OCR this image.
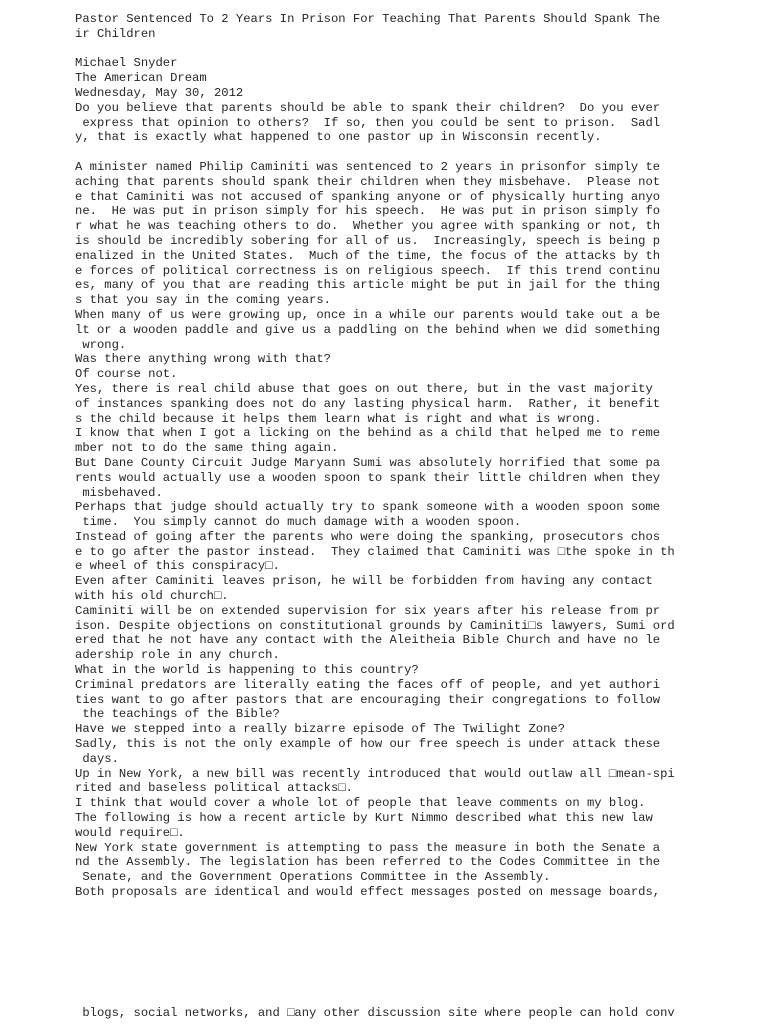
Pastor Sentenced To 2 Years In Prison For Teaching That Parents Should Spank The
ir Children

Michael Snyder
The American Dream
Wednesday, May 30, 2012
Do you believe that parents should be able to spank their children?  Do you ever
express that opinion to others?  If so, then you could be sent to prison.  Sadl
y, that is exactly what happened to one pastor up in Wisconsin recently.

A minister named Philip Caminiti was sentenced to 2 years in prisonfor simply te
aching that parents should spank their children when they misbehave.  Please not
e that Caminiti was not accused of spanking anyone or of physically hurting anyo
ne.  He was put in prison simply for his speech.  He was put in prison simply fo
r what he was teaching others to do.  Whether you agree with spanking or not, th
is should be incredibly sobering for all of us.  Increasingly, speech is being p
enalized in the United States.  Much of the time, the focus of the attacks by th
e forces of political correctness is on religious speech.  If this trend continu
es, many of you that are reading this article might be put in jail for the thing
s that you say in the coming years.
When many of us were growing up, once in a while our parents would take out a be
lt or a wooden paddle and give us a paddling on the behind when we did something
wrong.
Was there anything wrong with that?
Of course not.
Yes, there is real child abuse that goes on out there, but in the vast majority
of instances spanking does not do any lasting physical harm.  Rather, it benefit
s the child because it helps them learn what is right and what is wrong.
I know that when I got a licking on the behind as a child that helped me to reme
mber not to do the same thing again.
But Dane County Circuit Judge Maryann Sumi was absolutely horrified that some pa
rents would actually use a wooden spoon to spank their little children when they
misbehaved.
Perhaps that judge should actually try to spank someone with a wooden spoon some
time.  You simply cannot do much damage with a wooden spoon.
Instead of going after the parents who were doing the spanking, prosecutors chos
e to go after the pastor instead.  They claimed that Caminiti was □the spoke in th
e wheel of this conspiracy□.
Even after Caminiti leaves prison, he will be forbidden from having any contact
with his old church□.
Caminiti will be on extended supervision for six years after his release from pr
ison. Despite objections on constitutional grounds by Caminiti□s lawyers, Sumi ord
ered that he not have any contact with the Aleitheia Bible Church and have no le
adership role in any church.
What in the world is happening to this country?
Criminal predators are literally eating the faces off of people, and yet authori
ties want to go after pastors that are encouraging their congregations to follow
the teachings of the Bible?
Have we stepped into a really bizarre episode of The Twilight Zone?
Sadly, this is not the only example of how our free speech is under attack these
days.
Up in New York, a new bill was recently introduced that would outlaw all □mean-spi
rited and baseless political attacks□.
I think that would cover a whole lot of people that leave comments on my blog.
The following is how a recent article by Kurt Nimmo described what this new law
would require□.
New York state government is attempting to pass the measure in both the Senate a
nd the Assembly. The legislation has been referred to the Codes Committee in the
Senate, and the Government Operations Committee in the Assembly.
Both proposals are identical and would effect messages posted on message boards,
blogs, social networks, and □any other discussion site where people can hold conv
